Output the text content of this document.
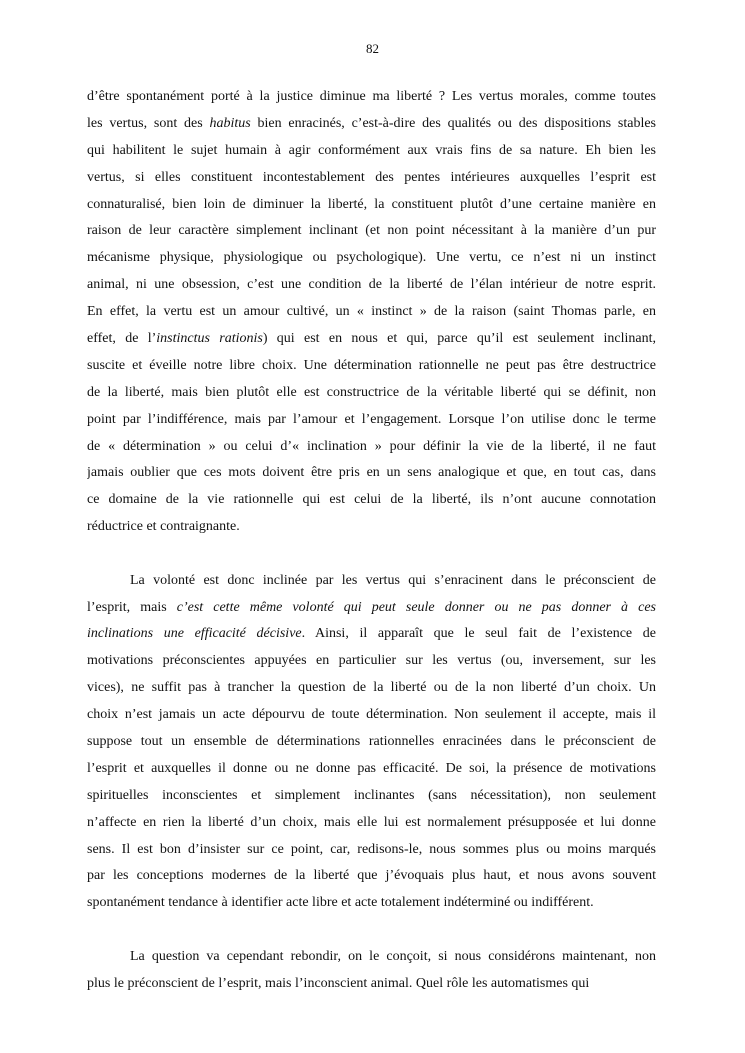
82
d’être spontanément porté à la justice diminue ma liberté ? Les vertus morales, comme toutes
les vertus, sont des habitus bien enracinés, c’est-à-dire des qualités ou des dispositions stables
qui habilitent le sujet humain à agir conformément aux vrais fins de sa nature. Eh bien les
vertus, si elles constituent incontestablement des pentes intérieures auxquelles l’esprit est
connaturalisé, bien loin de diminuer la liberté, la constituent plutôt d’une certaine manière en
raison de leur caractère simplement inclinant (et non point nécessitant à la manière d’un pur
mécanisme physique, physiologique ou psychologique). Une vertu, ce n’est ni un instinct
animal, ni une obsession, c’est une condition de la liberté de l’élan intérieur de notre esprit.
En effet, la vertu est un amour cultivé, un « instinct » de la raison (saint Thomas parle, en
effet, de l’instinctus rationis) qui est en nous et qui, parce qu’il est seulement inclinant,
suscite et éveille notre libre choix. Une détermination rationnelle ne peut pas être destructrice
de la liberté, mais bien plutôt elle est constructrice de la véritable liberté qui se définit, non
point par l’indifférence, mais par l’amour et l’engagement. Lorsque l’on utilise donc le terme
de « détermination » ou celui d’« inclination » pour définir la vie de la liberté, il ne faut
jamais oublier que ces mots doivent être pris en un sens analogique et que, en tout cas, dans
ce domaine de la vie rationnelle qui est celui de la liberté, ils n’ont aucune connotation
réductrice et contraignante.
La volonté est donc inclinée par les vertus qui s’enracinent dans le préconscient de
l’esprit, mais c’est cette même volonté qui peut seule donner ou ne pas donner à ces
inclinations une efficacité décisive. Ainsi, il apparaît que le seul fait de l’existence de
motivations préconscientes appuyées en particulier sur les vertus (ou, inversement, sur les
vices), ne suffit pas à trancher la question de la liberté ou de la non liberté d’un choix. Un
choix n’est jamais un acte dépourvu de toute détermination. Non seulement il accepte, mais il
suppose tout un ensemble de déterminations rationnelles enracinées dans le préconscient de
l’esprit et auxquelles il donne ou ne donne pas efficacité. De soi, la présence de motivations
spirituelles inconscientes et simplement inclinantes (sans nécessitation), non seulement
n’affecte en rien la liberté d’un choix, mais elle lui est normalement présupposée et lui donne
sens. Il est bon d’insister sur ce point, car, redisons-le, nous sommes plus ou moins marqués
par les conceptions modernes de la liberté que j’évoquais plus haut, et nous avons souvent
spontanément tendance à identifier acte libre et acte totalement indéterminé ou indifférent.
La question va cependant rebondir, on le conçoit, si nous considérons maintenant, non
plus le préconscient de l’esprit, mais l’inconscient animal. Quel rôle les automatismes qui
